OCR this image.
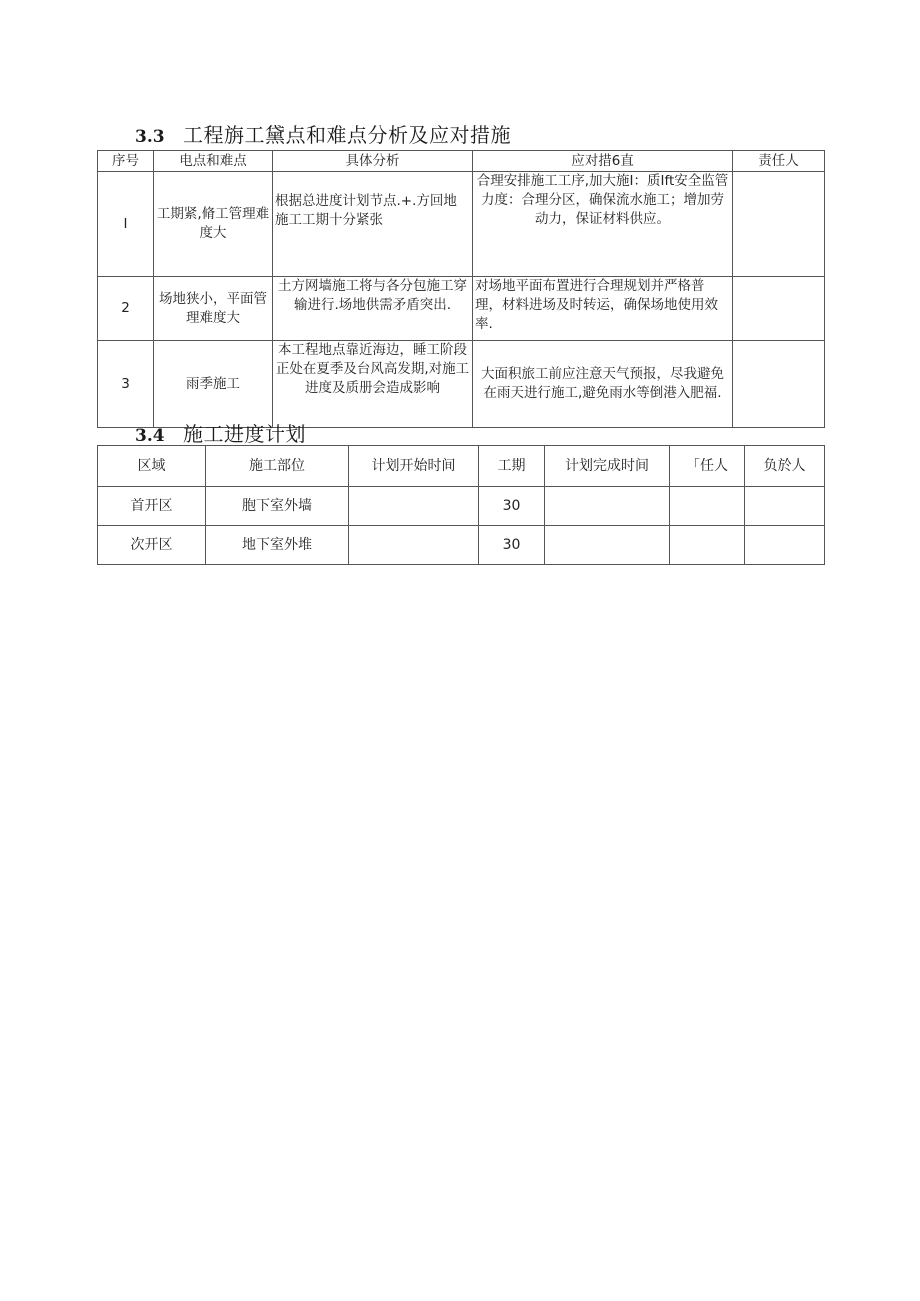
3.3 工程旃工黛点和难点分析及应对措施
序号	电点和难点	具体分析	应对措6直	责任人
I	工期紧,脩工管理难度大	根据总进度计划节点.+.方回地施工工期十分紧张	合理安排施工工序,加大施I：质Ift安全监管力度：合理分区，确保流水施工；增加劳动力，保证材料供应。	
2	场地狭小，平面管理难度大	土方网墙施工将与各分包施工穿输进行.场地供需矛盾突出.	对场地平面布置进行合理规划并严格普理，材料进场及时转运，确保场地使用效率.	
3	雨季施工	本工程地点靠近海边，睡工阶段正处在夏季及台风高发期,对施工进度及质册会造成影响	大面积旅工前应注意天气预报，尽我避免在雨天进行施工,避免雨水等倒港入肥福.	
3.4 施工进度计划
区域	施工部位	计划开始时间	工期	计划完成时间	「任人	负於人
首开区	胞下室外墙		30			
次开区	地下室外堆		30			
